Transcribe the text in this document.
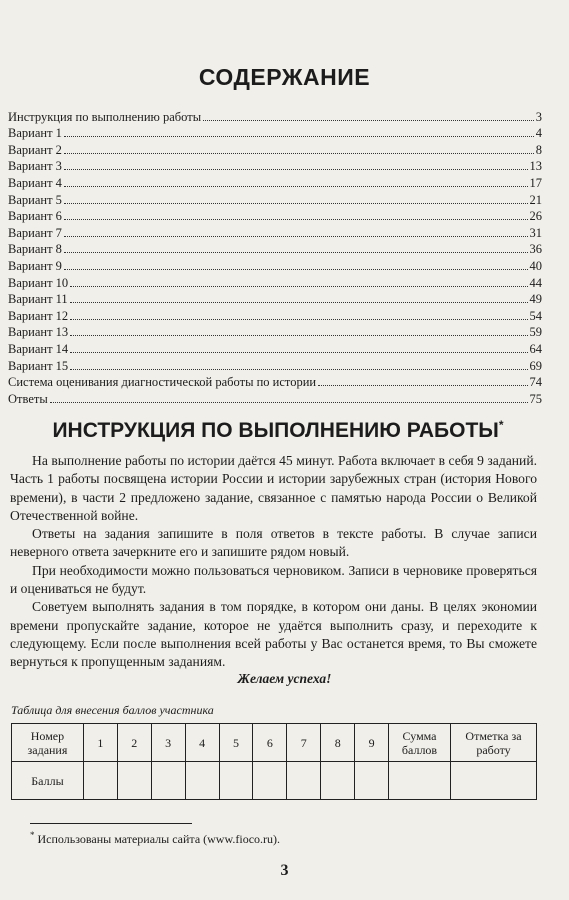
СОДЕРЖАНИЕ
Инструкция по выполнению работы	3
Вариант 1	4
Вариант 2	8
Вариант 3	13
Вариант 4	17
Вариант 5	21
Вариант 6	26
Вариант 7	31
Вариант 8	36
Вариант 9	40
Вариант 10	44
Вариант 11	49
Вариант 12	54
Вариант 13	59
Вариант 14	64
Вариант 15	69
Система оценивания диагностической работы по истории	74
Ответы	75
ИНСТРУКЦИЯ ПО ВЫПОЛНЕНИЮ РАБОТЫ*

На выполнение работы по истории даётся 45 минут. Работа включает в себя 9 заданий. Часть 1 работы посвящена истории России и истории зарубежных стран (история Нового времени), в части 2 предложено задание, связанное с памятью народа России о Великой Отечественной войне.

Ответы на задания запишите в поля ответов в тексте работы. В случае записи неверного ответа зачеркните его и запишите рядом новый.

При необходимости можно пользоваться черновиком. Записи в черновике проверяться и оцениваться не будут.

Советуем выполнять задания в том порядке, в котором они даны. В целях экономии времени пропускайте задание, которое не удаётся выполнить сразу, и переходите к следующему. Если после выполнения всей работы у Вас останется время, то Вы сможете вернуться к пропущенным заданиям.

Желаем успеха!
Таблица для внесения баллов участника
Номер задания	1	2	3	4	5	6	7	8	9	Сумма баллов	Отметка за работу
Баллы											
* Использованы материалы сайта (www.fioco.ru).
3
